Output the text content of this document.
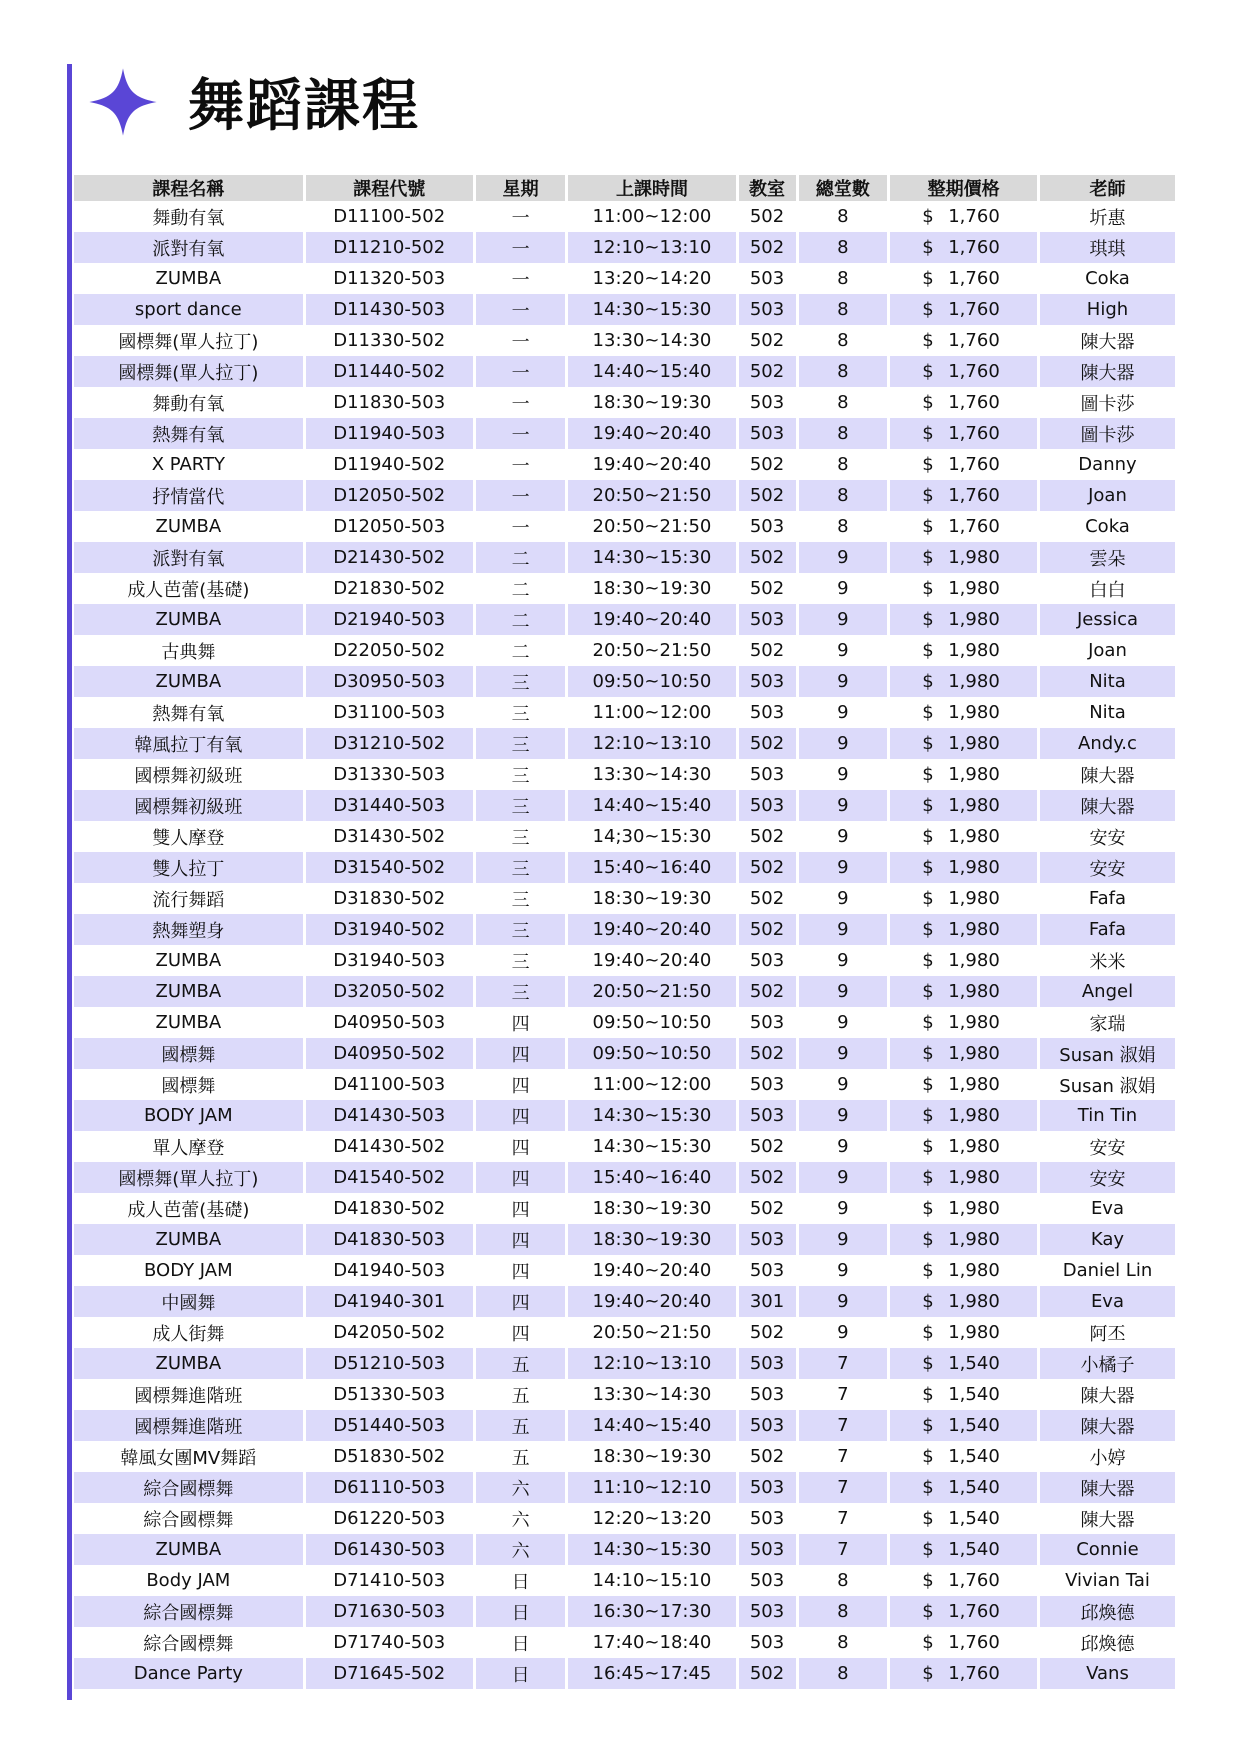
舞蹈課程
課程名稱	課程代號	星期	上課時間	教室	總堂數	整期價格	老師
舞動有氧	D11100-502	一	11:00~12:00	502	8	$ 1,760	圻惠
派對有氧	D11210-502	一	12:10~13:10	502	8	$ 1,760	琪琪
ZUMBA	D11320-503	一	13:20~14:20	503	8	$ 1,760	Coka
sport dance	D11430-503	一	14:30~15:30	503	8	$ 1,760	High
國標舞(單人拉丁)	D11330-502	一	13:30~14:30	502	8	$ 1,760	陳大器
國標舞(單人拉丁)	D11440-502	一	14:40~15:40	502	8	$ 1,760	陳大器
舞動有氧	D11830-503	一	18:30~19:30	503	8	$ 1,760	圖卡莎
熱舞有氧	D11940-503	一	19:40~20:40	503	8	$ 1,760	圖卡莎
X PARTY	D11940-502	一	19:40~20:40	502	8	$ 1,760	Danny
抒情當代	D12050-502	一	20:50~21:50	502	8	$ 1,760	Joan
ZUMBA	D12050-503	一	20:50~21:50	503	8	$ 1,760	Coka
派對有氧	D21430-502	二	14:30~15:30	502	9	$ 1,980	雲朵
成人芭蕾(基礎)	D21830-502	二	18:30~19:30	502	9	$ 1,980	白白
ZUMBA	D21940-503	二	19:40~20:40	503	9	$ 1,980	Jessica
古典舞	D22050-502	二	20:50~21:50	502	9	$ 1,980	Joan
ZUMBA	D30950-503	三	09:50~10:50	503	9	$ 1,980	Nita
熱舞有氧	D31100-503	三	11:00~12:00	503	9	$ 1,980	Nita
韓風拉丁有氧	D31210-502	三	12:10~13:10	502	9	$ 1,980	Andy.c
國標舞初級班	D31330-503	三	13:30~14:30	503	9	$ 1,980	陳大器
國標舞初級班	D31440-503	三	14:40~15:40	503	9	$ 1,980	陳大器
雙人摩登	D31430-502	三	14;30~15:30	502	9	$ 1,980	安安
雙人拉丁	D31540-502	三	15:40~16:40	502	9	$ 1,980	安安
流行舞蹈	D31830-502	三	18:30~19:30	502	9	$ 1,980	Fafa
熱舞塑身	D31940-502	三	19:40~20:40	502	9	$ 1,980	Fafa
ZUMBA	D31940-503	三	19:40~20:40	503	9	$ 1,980	米米
ZUMBA	D32050-502	三	20:50~21:50	502	9	$ 1,980	Angel
ZUMBA	D40950-503	四	09:50~10:50	503	9	$ 1,980	家瑞
國標舞	D40950-502	四	09:50~10:50	502	9	$ 1,980	Susan 淑娟
國標舞	D41100-503	四	11:00~12:00	503	9	$ 1,980	Susan 淑娟
BODY JAM	D41430-503	四	14:30~15:30	503	9	$ 1,980	Tin Tin
單人摩登	D41430-502	四	14:30~15:30	502	9	$ 1,980	安安
國標舞(單人拉丁)	D41540-502	四	15:40~16:40	502	9	$ 1,980	安安
成人芭蕾(基礎)	D41830-502	四	18:30~19:30	502	9	$ 1,980	Eva
ZUMBA	D41830-503	四	18:30~19:30	503	9	$ 1,980	Kay
BODY JAM	D41940-503	四	19:40~20:40	503	9	$ 1,980	Daniel Lin
中國舞	D41940-301	四	19:40~20:40	301	9	$ 1,980	Eva
成人街舞	D42050-502	四	20:50~21:50	502	9	$ 1,980	阿丕
ZUMBA	D51210-503	五	12:10~13:10	503	7	$ 1,540	小橘子
國標舞進階班	D51330-503	五	13:30~14:30	503	7	$ 1,540	陳大器
國標舞進階班	D51440-503	五	14:40~15:40	503	7	$ 1,540	陳大器
韓風女團MV舞蹈	D51830-502	五	18:30~19:30	502	7	$ 1,540	小婷
綜合國標舞	D61110-503	六	11:10~12:10	503	7	$ 1,540	陳大器
綜合國標舞	D61220-503	六	12:20~13:20	503	7	$ 1,540	陳大器
ZUMBA	D61430-503	六	14:30~15:30	503	7	$ 1,540	Connie
Body JAM	D71410-503	日	14:10~15:10	503	8	$ 1,760	Vivian Tai
綜合國標舞	D71630-503	日	16:30~17:30	503	8	$ 1,760	邱煥德
綜合國標舞	D71740-503	日	17:40~18:40	503	8	$ 1,760	邱煥德
Dance Party	D71645-502	日	16:45~17:45	502	8	$ 1,760	Vans
